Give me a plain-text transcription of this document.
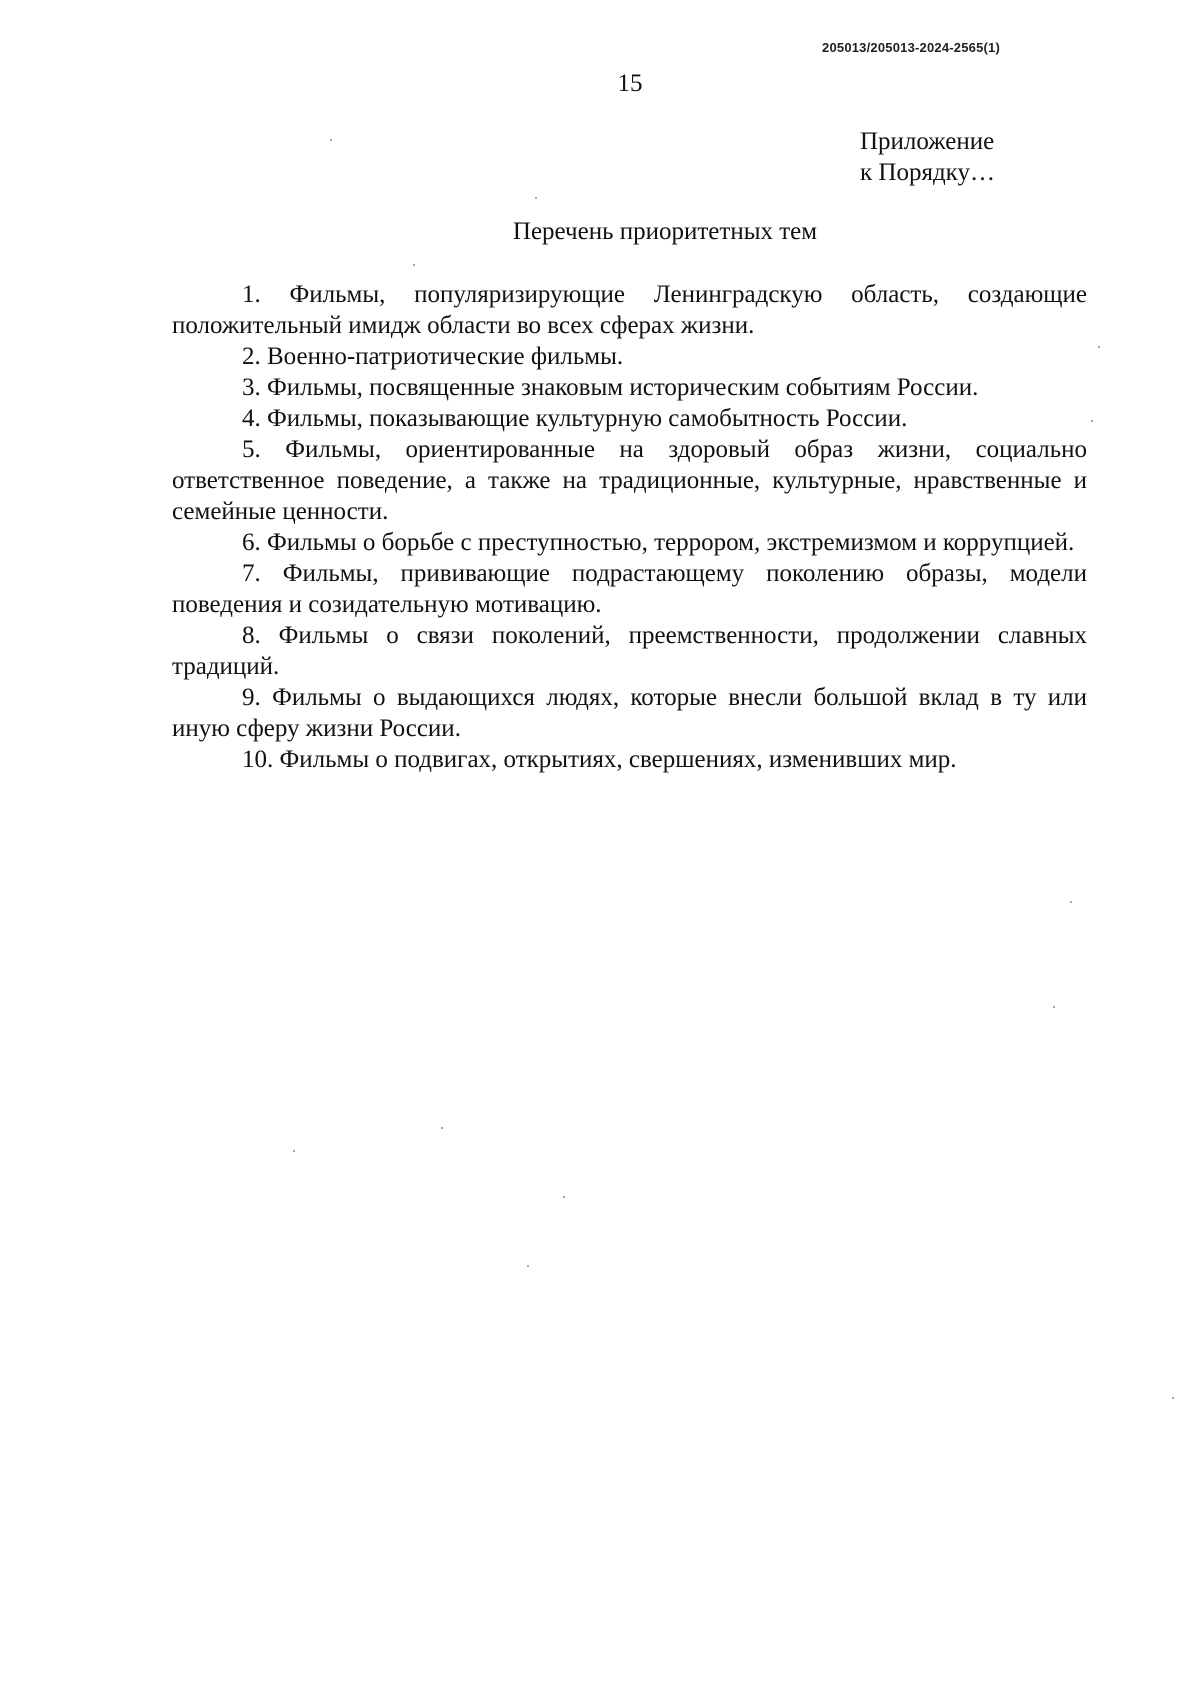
205013/205013-2024-2565(1)
15
Приложение
к Порядку…
Перечень приоритетных тем

1. Фильмы, популяризирующие Ленинградскую область, создающие положительный имидж области во всех сферах жизни.

2. Военно-патриотические фильмы.

3. Фильмы, посвященные знаковым историческим событиям России.

4. Фильмы, показывающие культурную самобытность России.

5. Фильмы, ориентированные на здоровый образ жизни, социально ответственное поведение, а также на традиционные, культурные, нравственные и семейные ценности.

6. Фильмы о борьбе с преступностью, террором, экстремизмом и коррупцией.

7. Фильмы, прививающие подрастающему поколению образы, модели поведения и созидательную мотивацию.

8. Фильмы о связи поколений, преемственности, продолжении славных традиций.

9. Фильмы о выдающихся людях, которые внесли большой вклад в ту или иную сферу жизни России.

10. Фильмы о подвигах, открытиях, свершениях, изменивших мир.
